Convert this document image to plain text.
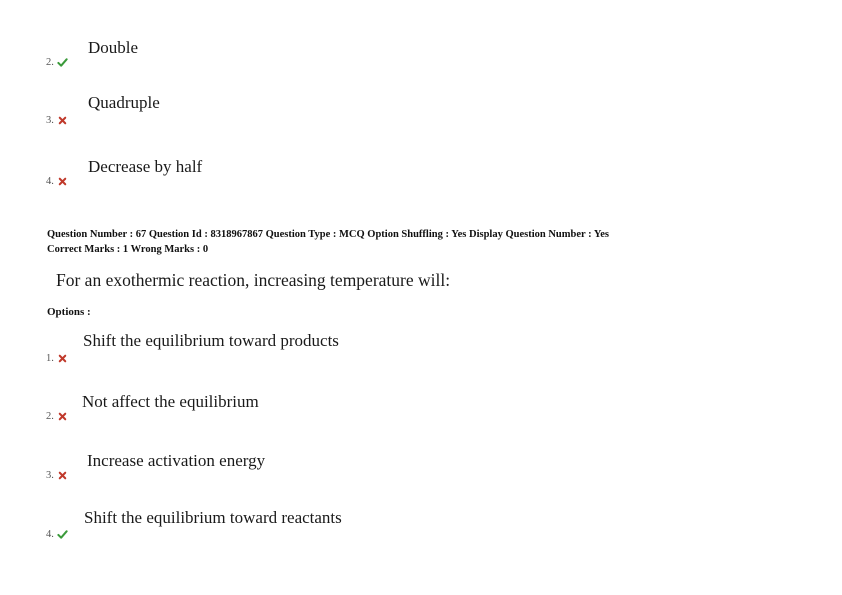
Double
2.
Quadruple
3.
Decrease by half
4.
Question Number : 67 Question Id : 8318967867 Question Type : MCQ Option Shuffling : Yes Display Question Number : Yes
Correct Marks : 1 Wrong Marks : 0
For an exothermic reaction, increasing temperature will:
Options :
Shift the equilibrium toward products
1.
Not affect the equilibrium
2.
Increase activation energy
3.
Shift the equilibrium toward reactants
4.
